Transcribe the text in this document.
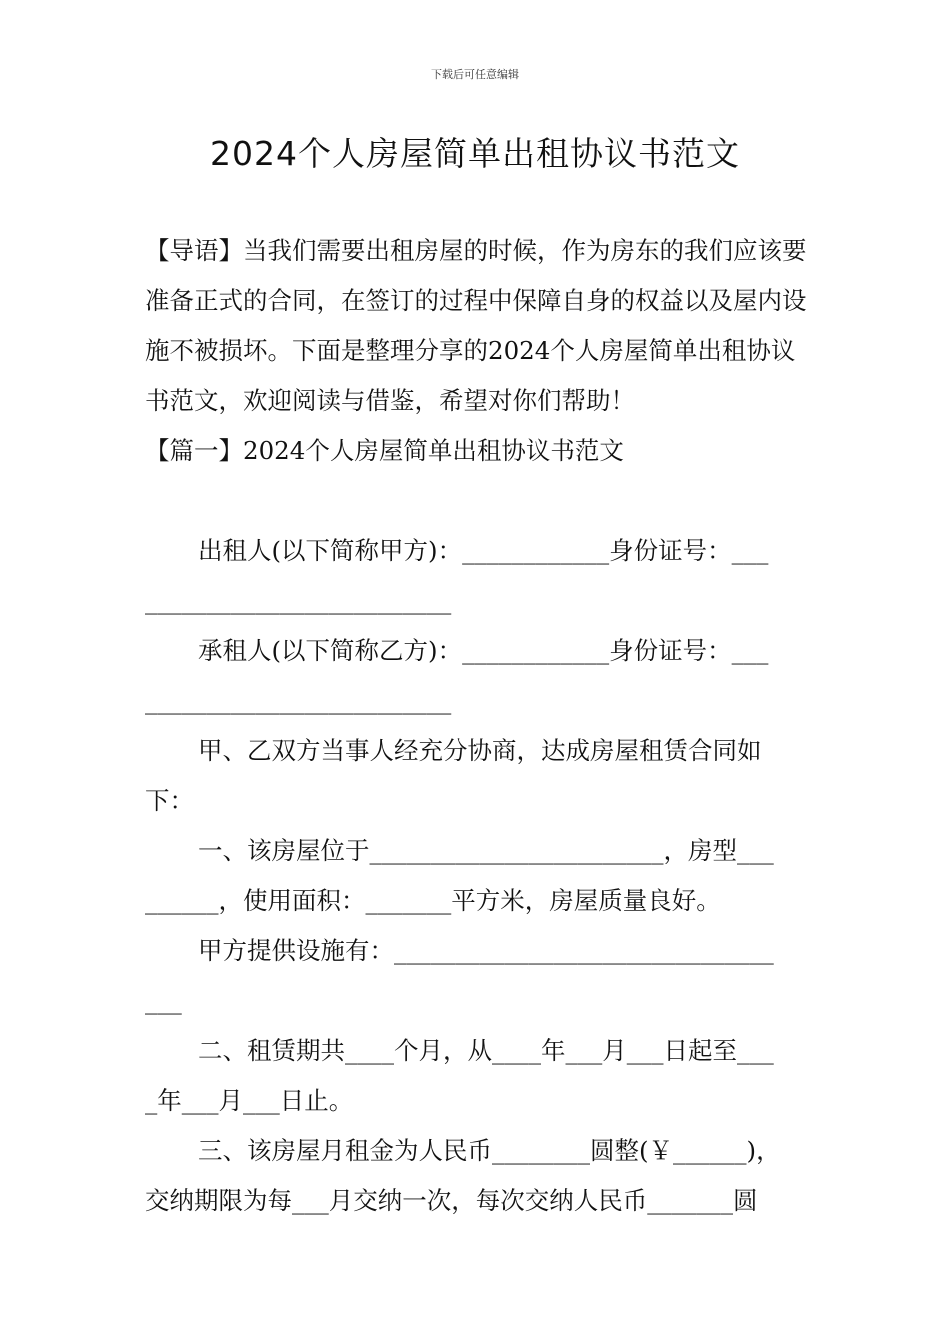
下载后可任意编辑
2024个人房屋简单出租协议书范文

【导语】当我们需要出租房屋的时候，作为房东的我们应该要准备正式的合同，在签订的过程中保障自身的权益以及屋内设施不被损坏。下面是整理分享的2024个人房屋简单出租协议书范文，欢迎阅读与借鉴，希望对你们帮助！

【篇一】2024个人房屋简单出租协议书范文

出租人(以下简称甲方)：____________身份证号：___

_________________________

承租人(以下简称乙方)：____________身份证号：___

_________________________

甲、乙双方当事人经充分协商，达成房屋租赁合同如下：

一、该房屋位于________________________，房型___

______，使用面积：_______平方米，房屋质量良好。

甲方提供设施有：_______________________________

___

二、租赁期共____个月，从____年___月___日起至___

_年___月___日止。

三、该房屋月租金为人民币________圆整(￥______)，

交纳期限为每___月交纳一次，每次交纳人民币_______圆
